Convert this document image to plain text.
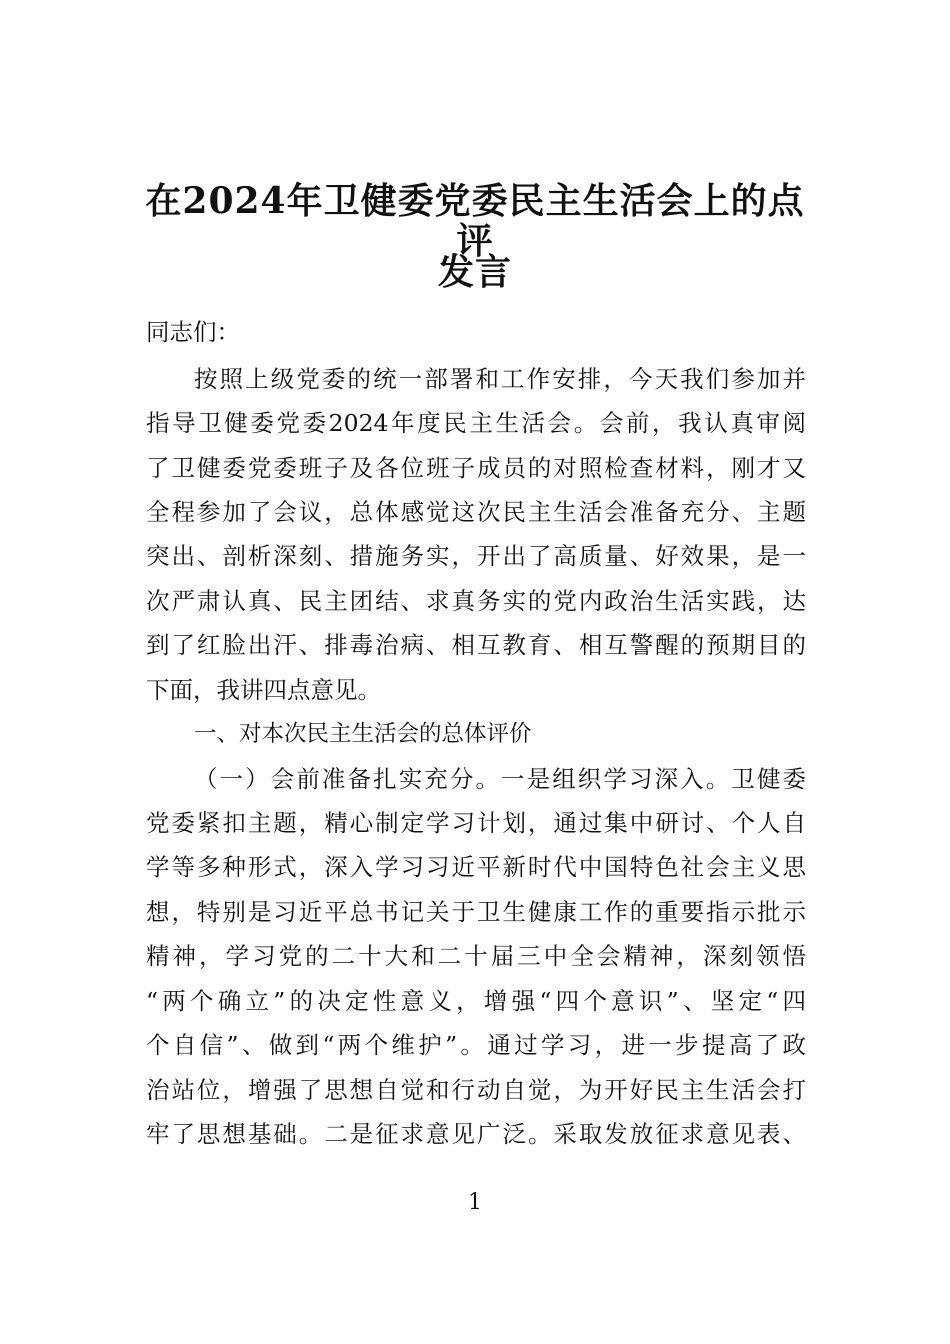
在2024年卫健委党委民主生活会上的点评
发言
同志们：
按照上级党委的统一部署和工作安排，今天我们参加并
指导卫健委党委2024年度民主生活会。会前，我认真审阅
了卫健委党委班子及各位班子成员的对照检查材料，刚才又
全程参加了会议，总体感觉这次民主生活会准备充分、主题
突出、剖析深刻、措施务实，开出了高质量、好效果，是一
次严肃认真、民主团结、求真务实的党内政治生活实践，达
到了红脸出汗、排毒治病、相互教育、相互警醒的预期目的
下面，我讲四点意见。
一、对本次民主生活会的总体评价
（一）会前准备扎实充分。一是组织学习深入。卫健委
党委紧扣主题，精心制定学习计划，通过集中研讨、个人自
学等多种形式，深入学习习近平新时代中国特色社会主义思
想，特别是习近平总书记关于卫生健康工作的重要指示批示
精神，学习党的二十大和二十届三中全会精神，深刻领悟
“两个确立”的决定性意义，增强“四个意识”、坚定“四
个自信”、做到“两个维护”。通过学习，进一步提高了政
治站位，增强了思想自觉和行动自觉，为开好民主生活会打
牢了思想基础。二是征求意见广泛。采取发放征求意见表、
1
